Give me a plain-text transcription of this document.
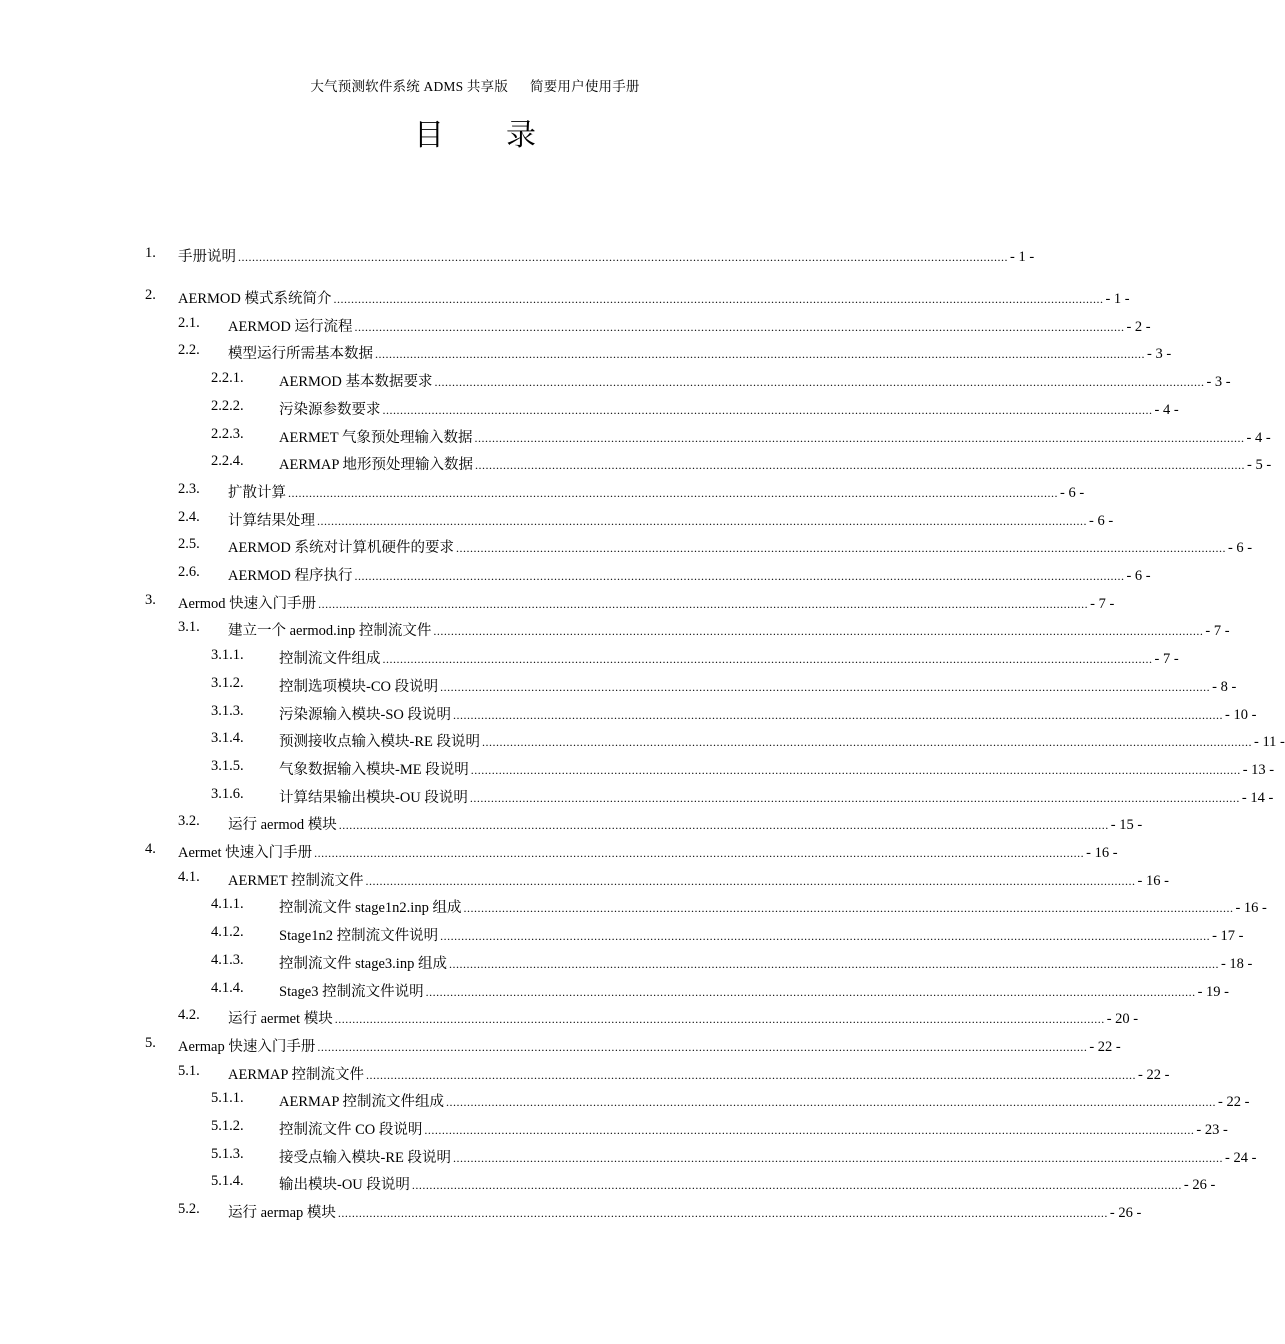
大气预测软件系统 ADMS 共享版 简要用户使用手册
目录
1. 手册说明 ............................................................................................................................................................................................................................ - 1 -
2. AERMOD 模式系统简介 ............................................................................................................................................................................................................................ - 1 -
2.1. AERMOD 运行流程 ............................................................................................................................................................................................................................ - 2 -
2.2. 模型运行所需基本数据 ............................................................................................................................................................................................................................ - 3 -
2.2.1. AERMOD 基本数据要求 ............................................................................................................................................................................................................................ - 3 -
2.2.2. 污染源参数要求 ............................................................................................................................................................................................................................ - 4 -
2.2.3. AERMET 气象预处理输入数据 ............................................................................................................................................................................................................................ - 4 -
2.2.4. AERMAP 地形预处理输入数据 ............................................................................................................................................................................................................................ - 5 -
2.3. 扩散计算 ............................................................................................................................................................................................................................ - 6 -
2.4. 计算结果处理 ............................................................................................................................................................................................................................ - 6 -
2.5. AERMOD 系统对计算机硬件的要求 ............................................................................................................................................................................................................................ - 6 -
2.6. AERMOD 程序执行 ............................................................................................................................................................................................................................ - 6 -
3. Aermod 快速入门手册 ............................................................................................................................................................................................................................ - 7 -
3.1. 建立一个 aermod.inp 控制流文件 ............................................................................................................................................................................................................................ - 7 -
3.1.1. 控制流文件组成 ............................................................................................................................................................................................................................ - 7 -
3.1.2. 控制选项模块-CO 段说明 ............................................................................................................................................................................................................................ - 8 -
3.1.3. 污染源输入模块-SO 段说明 ............................................................................................................................................................................................................................ - 10 -
3.1.4. 预测接收点输入模块-RE 段说明 ............................................................................................................................................................................................................................ - 11 -
3.1.5. 气象数据输入模块-ME 段说明 ............................................................................................................................................................................................................................ - 13 -
3.1.6. 计算结果输出模块-OU 段说明 ............................................................................................................................................................................................................................ - 14 -
3.2. 运行 aermod 模块 ............................................................................................................................................................................................................................ - 15 -
4. Aermet 快速入门手册 ............................................................................................................................................................................................................................ - 16 -
4.1. AERMET 控制流文件 ............................................................................................................................................................................................................................ - 16 -
4.1.1. 控制流文件 stage1n2.inp 组成 ............................................................................................................................................................................................................................ - 16 -
4.1.2. Stage1n2 控制流文件说明 ............................................................................................................................................................................................................................ - 17 -
4.1.3. 控制流文件 stage3.inp 组成 ............................................................................................................................................................................................................................ - 18 -
4.1.4. Stage3 控制流文件说明 ............................................................................................................................................................................................................................ - 19 -
4.2. 运行 aermet 模块 ............................................................................................................................................................................................................................ - 20 -
5. Aermap 快速入门手册 ............................................................................................................................................................................................................................ - 22 -
5.1. AERMAP 控制流文件 ............................................................................................................................................................................................................................ - 22 -
5.1.1. AERMAP 控制流文件组成 ............................................................................................................................................................................................................................ - 22 -
5.1.2. 控制流文件 CO 段说明 ............................................................................................................................................................................................................................ - 23 -
5.1.3. 接受点输入模块-RE 段说明 ............................................................................................................................................................................................................................ - 24 -
5.1.4. 输出模块-OU 段说明 ............................................................................................................................................................................................................................ - 26 -
5.2. 运行 aermap 模块 ............................................................................................................................................................................................................................ - 26 -
